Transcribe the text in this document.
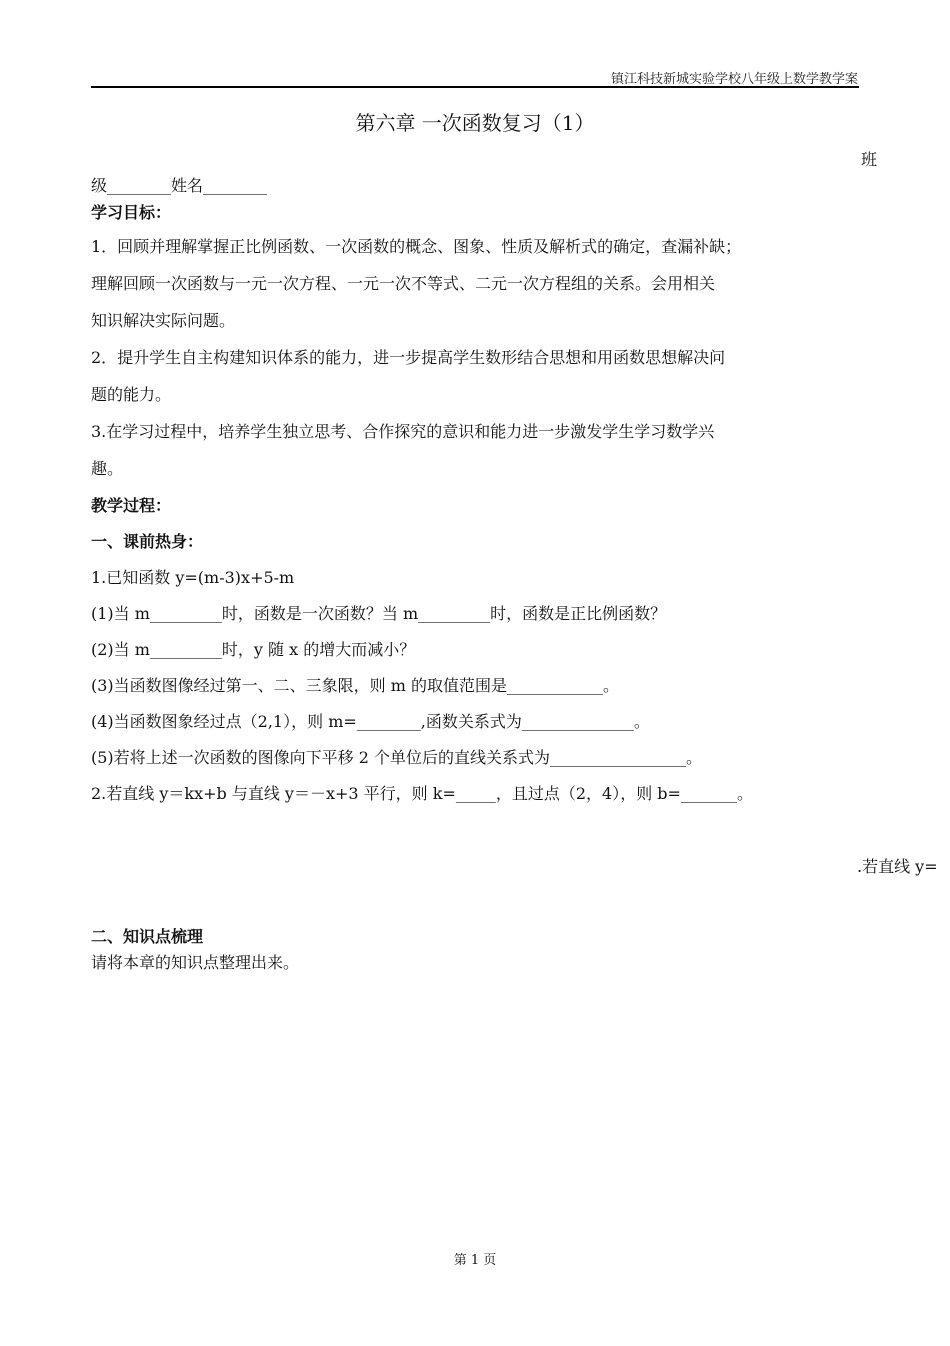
镇江科技新城实验学校八年级上数学教学案
第六章 一次函数复习（1）
班
级________姓名________
学习目标：
1．回顾并理解掌握正比例函数、一次函数的概念、图象、性质及解析式的确定，查漏补缺；
理解回顾一次函数与一元一次方程、一元一次不等式、二元一次方程组的关系。会用相关
知识解决实际问题。
2．提升学生自主构建知识体系的能力，进一步提高学生数形结合思想和用函数思想解决问
题的能力。
3.在学习过程中，培养学生独立思考、合作探究的意识和能力进一步激发学生学习数学兴
趣。
教学过程：
一、课前热身：
1.已知函数 y=(m-3)x+5-m
(1)当 m_________时，函数是一次函数？当 m_________时，函数是正比例函数？
(2)当 m_________时，y 随 x 的增大而减小？
(3)当函数图像经过第一、二、三象限，则 m 的取值范围是____________。
(4)当函数图象经过点（2,1），则 m=________,函数关系式为______________。
(5)若将上述一次函数的图像向下平移 2 个单位后的直线关系式为_________________。
2.若直线 y＝kx+b 与直线 y＝－x+3 平行，则 k=_____，且过点（2，4），则 b=_______。
.若直线 y=
二、知识点梳理
请将本章的知识点整理出来。
第 1 页
